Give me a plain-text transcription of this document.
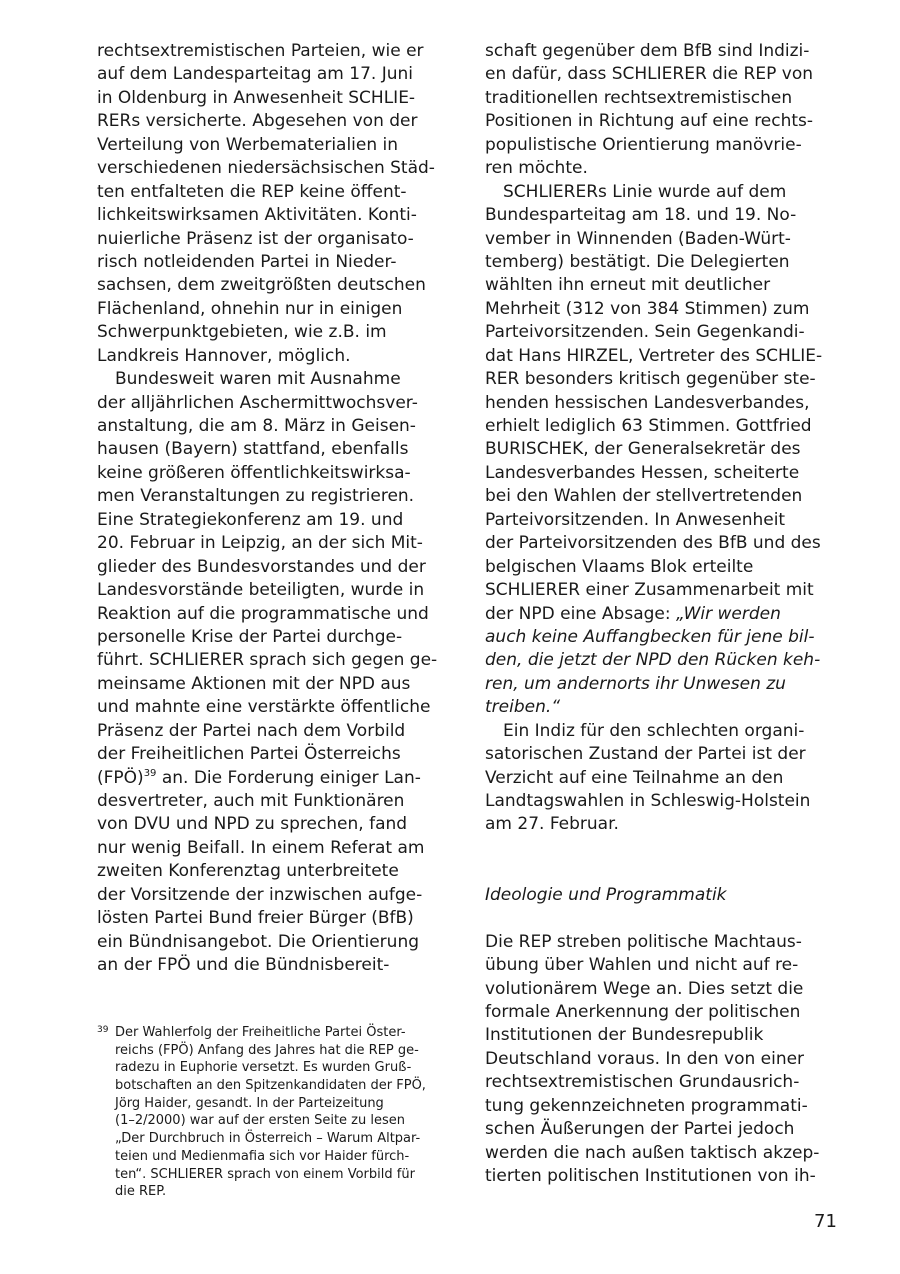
rechtsextremistischen Parteien, wie er
auf dem Landesparteitag am 17. Juni
in Oldenburg in Anwesenheit SCHLIE-
RERs versicherte. Abgesehen von der
Verteilung von Werbematerialien in
verschiedenen niedersächsischen Städ-
ten entfalteten die REP keine öffent-
lichkeitswirksamen Aktivitäten. Konti-
nuierliche Präsenz ist der organisato-
risch notleidenden Partei in Nieder-
sachsen, dem zweitgrößten deutschen
Flächenland, ohnehin nur in einigen
Schwerpunktgebieten, wie z.B. im
Landkreis Hannover, möglich.
Bundesweit waren mit Ausnahme
der alljährlichen Aschermittwochsver-
anstaltung, die am 8. März in Geisen-
hausen (Bayern) stattfand, ebenfalls
keine größeren öffentlichkeitswirksa-
men Veranstaltungen zu registrieren.
Eine Strategiekonferenz am 19. und
20. Februar in Leipzig, an der sich Mit-
glieder des Bundesvorstandes und der
Landesvorstände beteiligten, wurde in
Reaktion auf die programmatische und
personelle Krise der Partei durchge-
führt. SCHLIERER sprach sich gegen ge-
meinsame Aktionen mit der NPD aus
und mahnte eine verstärkte öffentliche
Präsenz der Partei nach dem Vorbild
der Freiheitlichen Partei Österreichs
(FPÖ)$^{39}$ an. Die Forderung einiger Lan-
desvertreter, auch mit Funktionären
von DVU und NPD zu sprechen, fand
nur wenig Beifall. In einem Referat am
zweiten Konferenztag unterbreitete
der Vorsitzende der inzwischen aufge-
lösten Partei Bund freier Bürger (BfB)
ein Bündnisangebot. Die Orientierung
an der FPÖ und die Bündnisbereit-
schaft gegenüber dem BfB sind Indizi-
en dafür, dass SCHLIERER die REP von
traditionellen rechtsextremistischen
Positionen in Richtung auf eine rechts-
populistische Orientierung manövrie-
ren möchte.
SCHLIERERs Linie wurde auf dem
Bundesparteitag am 18. und 19. No-
vember in Winnenden (Baden-Würt-
temberg) bestätigt. Die Delegierten
wählten ihn erneut mit deutlicher
Mehrheit (312 von 384 Stimmen) zum
Parteivorsitzenden. Sein Gegenkandi-
dat Hans HIRZEL, Vertreter des SCHLIE-
RER besonders kritisch gegenüber ste-
henden hessischen Landesverbandes,
erhielt lediglich 63 Stimmen. Gottfried
BURISCHEK, der Generalsekretär des
Landesverbandes Hessen, scheiterte
bei den Wahlen der stellvertretenden
Parteivorsitzenden. In Anwesenheit
der Parteivorsitzenden des BfB und des
belgischen Vlaams Blok erteilte
SCHLIERER einer Zusammenarbeit mit
der NPD eine Absage: „Wir werden
auch keine Auffangbecken für jene bil-
den, die jetzt der NPD den Rücken keh-
ren, um andernorts ihr Unwesen zu
treiben.“
Ein Indiz für den schlechten organi-
satorischen Zustand der Partei ist der
Verzicht auf eine Teilnahme an den
Landtagswahlen in Schleswig-Holstein
am 27. Februar.
Ideologie und Programmatik
Die REP streben politische Machtaus-
übung über Wahlen und nicht auf re-
volutionärem Wege an. Dies setzt die
formale Anerkennung der politischen
Institutionen der Bundesrepublik
Deutschland voraus. In den von einer
rechtsextremistischen Grundausrich-
tung gekennzeichneten programmati-
schen Äußerungen der Partei jedoch
werden die nach außen taktisch akzep-
tierten politischen Institutionen von ih-
39 Der Wahlerfolg der Freiheitliche Partei Öster-
reichs (FPÖ) Anfang des Jahres hat die REP ge-
radezu in Euphorie versetzt. Es wurden Gruß-
botschaften an den Spitzenkandidaten der FPÖ,
Jörg Haider, gesandt. In der Parteizeitung
(1–2/2000) war auf der ersten Seite zu lesen
„Der Durchbruch in Österreich – Warum Altpar-
teien und Medienmafia sich vor Haider fürch-
ten“. SCHLIERER sprach von einem Vorbild für
die REP.
71
